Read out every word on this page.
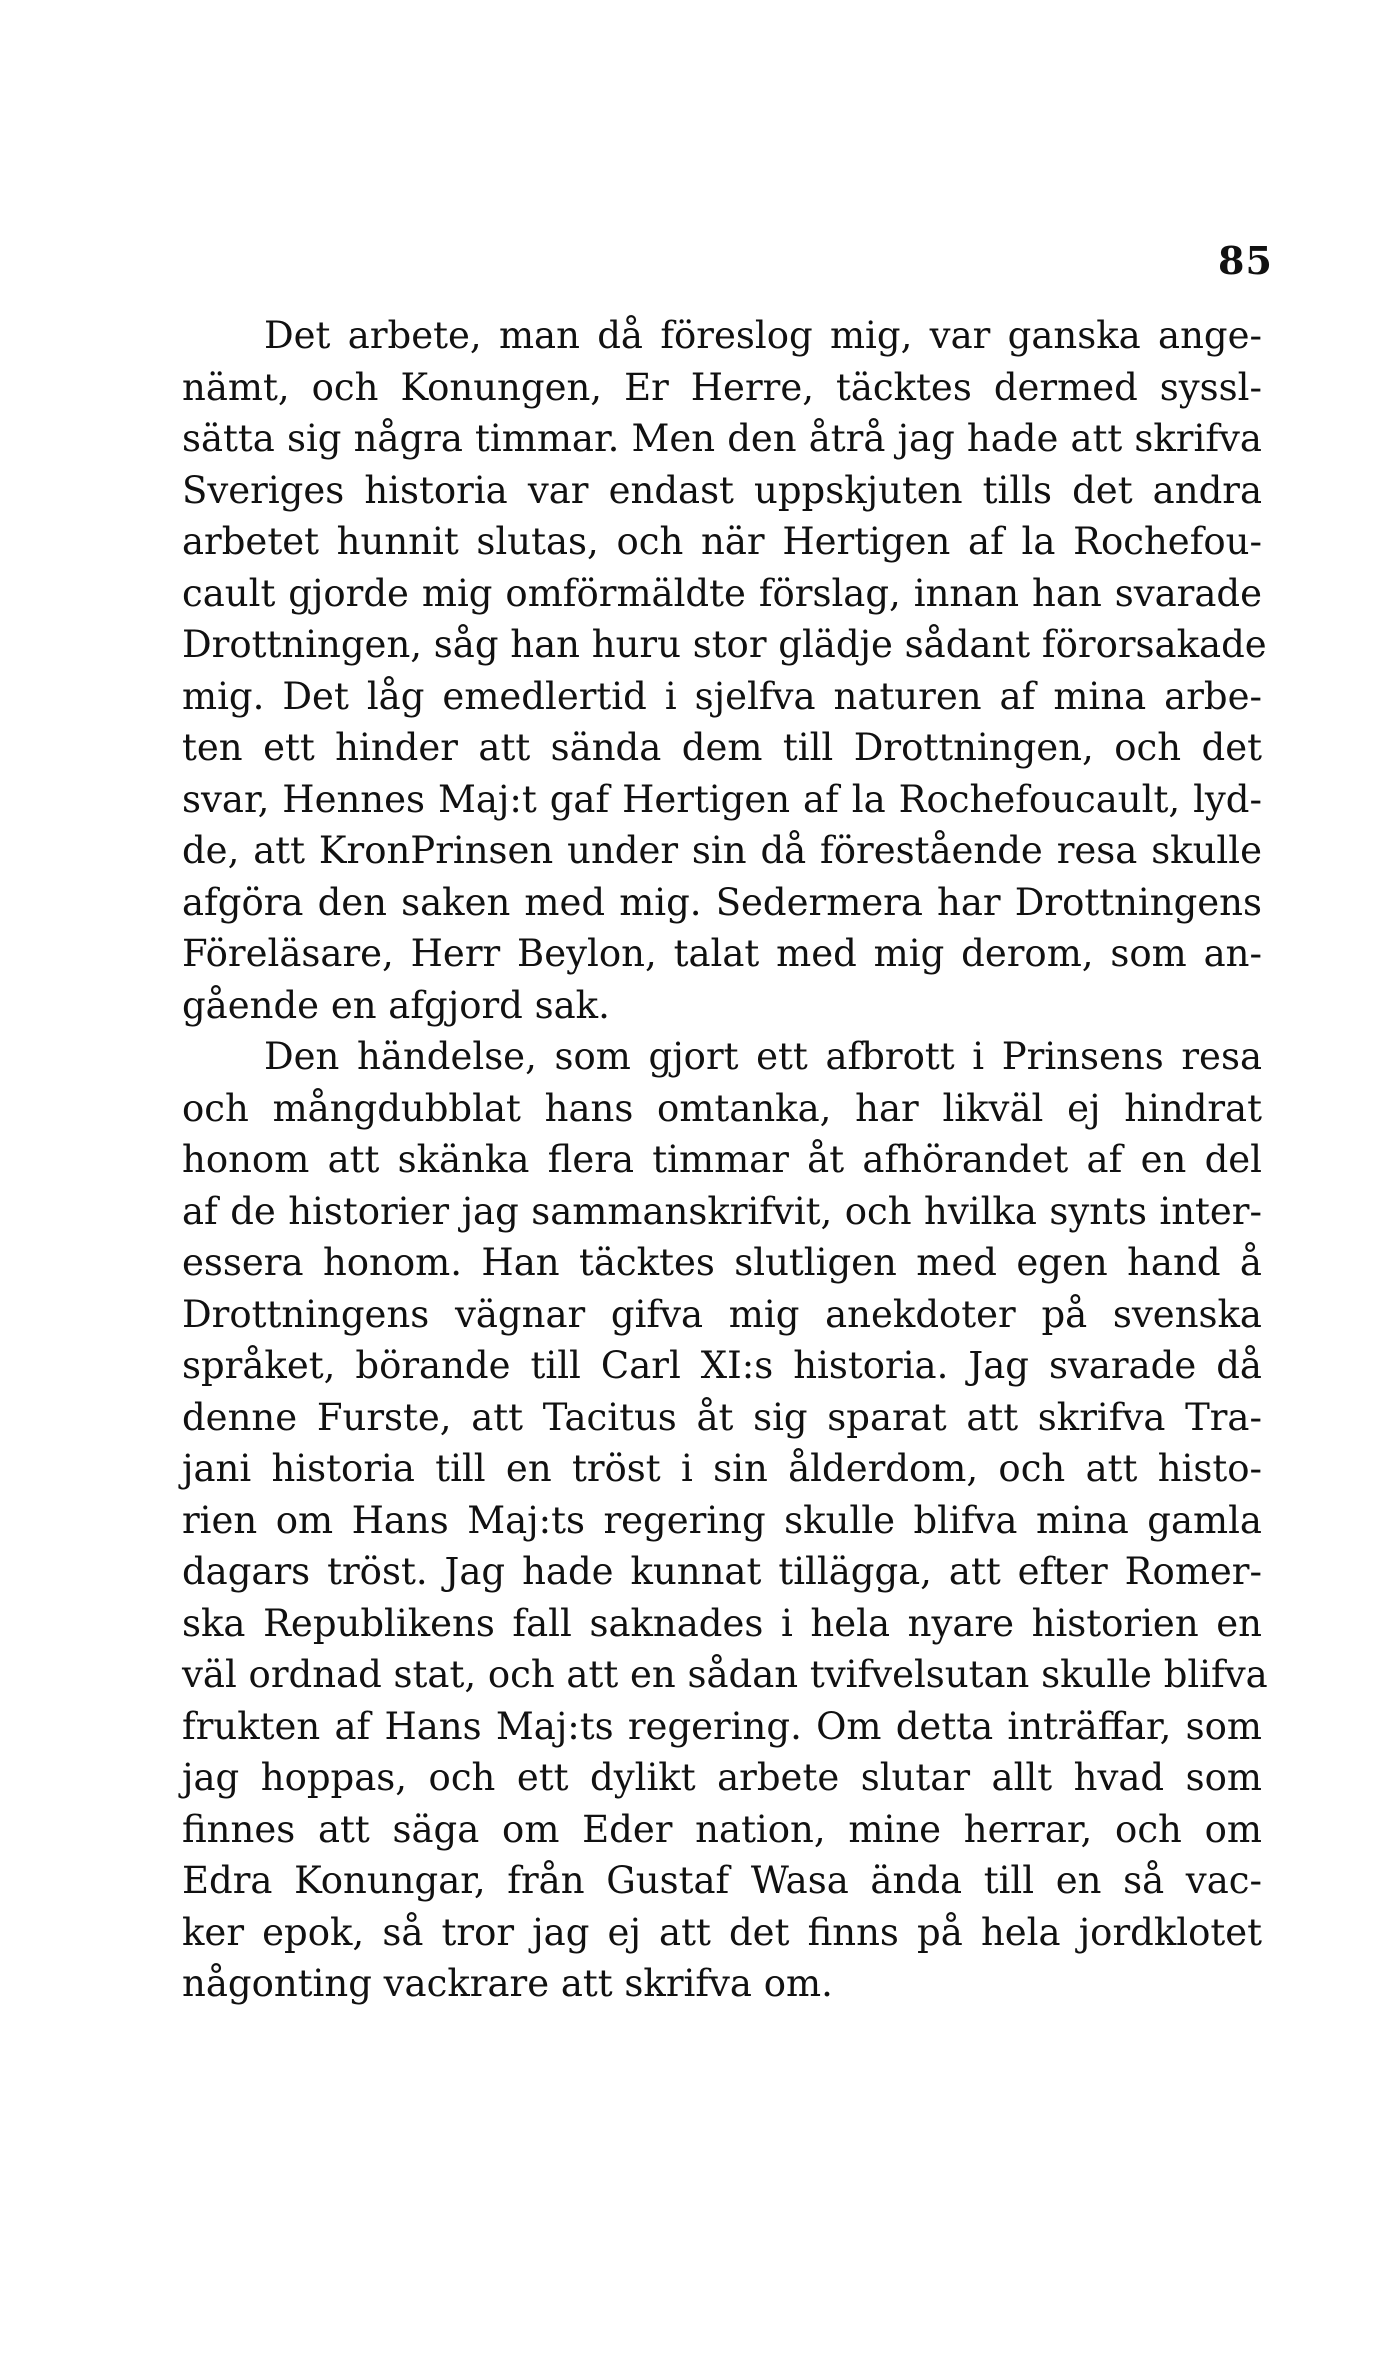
85
Det arbete, man då föreslog mig, var ganska ange-
nämt, och Konungen, Er Herre, täcktes dermed syssl-
sätta sig några timmar. Men den åtrå jag hade att skrifva
Sveriges historia var endast uppskjuten tills det andra
arbetet hunnit slutas, och när Hertigen af la Rochefou-
cault gjorde mig omförmäldte förslag, innan han svarade
Drottningen, såg han huru stor glädje sådant förorsakade
mig. Det låg emedlertid i sjelfva naturen af mina arbe-
ten ett hinder att sända dem till Drottningen, och det
svar, Hennes Maj:t gaf Hertigen af la Rochefoucault, lyd-
de, att KronPrinsen under sin då förestående resa skulle
afgöra den saken med mig. Sedermera har Drottningens
Föreläsare, Herr Beylon, talat med mig derom, som an-
gående en afgjord sak.
Den händelse, som gjort ett afbrott i Prinsens resa
och mångdubblat hans omtanka, har likväl ej hindrat
honom att skänka flera timmar åt afhörandet af en del
af de historier jag sammanskrifvit, och hvilka synts inter-
essera honom. Han täcktes slutligen med egen hand å
Drottningens vägnar gifva mig anekdoter på svenska
språket, börande till Carl XI:s historia. Jag svarade då
denne Furste, att Tacitus åt sig sparat att skrifva Tra-
jani historia till en tröst i sin ålderdom, och att histo-
rien om Hans Maj:ts regering skulle blifva mina gamla
dagars tröst. Jag hade kunnat tillägga, att efter Romer-
ska Republikens fall saknades i hela nyare historien en
väl ordnad stat, och att en sådan tvifvelsutan skulle blifva
frukten af Hans Maj:ts regering. Om detta inträffar, som
jag hoppas, och ett dylikt arbete slutar allt hvad som
finnes att säga om Eder nation, mine herrar, och om
Edra Konungar, från Gustaf Wasa ända till en så vac-
ker epok, så tror jag ej att det finns på hela jordklotet
någonting vackrare att skrifva om.
